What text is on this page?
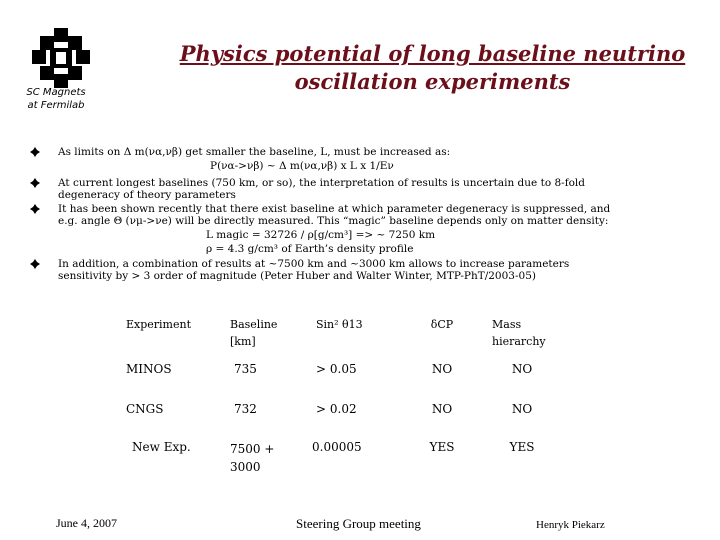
SC Magnets
at Fermilab
Physics potential of long baseline neutrino
oscillation experiments
As limits on Δ m(να,νβ) get smaller the baseline, L, must be increased as:
P(να->νβ) ~ Δ m(να,νβ) x L x 1/Eν
At current longest baselines (750 km, or so), the interpretation of results is uncertain due to 8-fold
degeneracy of theory parameters
It has been shown recently that there exist baseline at which parameter degeneracy is suppressed, and
e.g. angle Θ (νμ->νe) will be directly measured. This “magic” baseline depends only on matter density:
L magic = 32726 / ρ[g/cm³] => ~ 7250 km
ρ = 4.3 g/cm³ of Earth’s density profile
In addition, a combination of results at ~7500 km and ~3000 km allows to increase parameters
sensitivity by > 3 order of magnitude (Peter Huber and Walter Winter, MTP-PhT/2003-05)
Experiment	Baseline [km]	Sin² θ13	δCP	Mass hierarchy
MINOS	735	> 0.05	NO	NO
CNGS	732	> 0.02	NO	NO
New Exp.	7500 + 3000	0.00005	YES	YES
June 4, 2007	Steering Group meeting	Henryk Piekarz
